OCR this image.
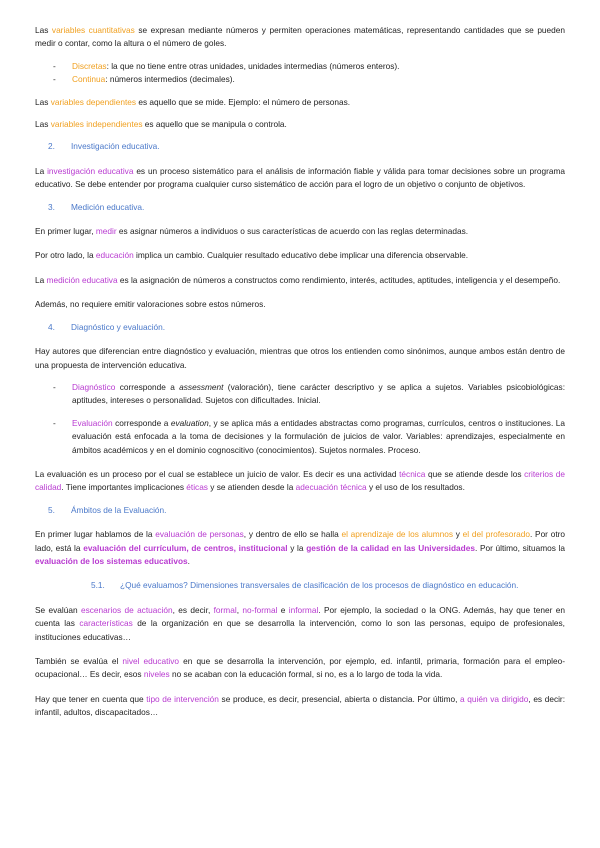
Las variables cuantitativas se expresan mediante números y permiten operaciones matemáticas, representando cantidades que se pueden medir o contar, como la altura o el número de goles.

-	Discretas: la que no tiene entre otras unidades, unidades intermedias (números enteros).
-	Continua: números intermedios (decimales).

Las variables dependientes es aquello que se mide. Ejemplo: el número de personas.

Las variables independientes es aquello que se manipula o controla.

2.	Investigación educativa.

La investigación educativa es un proceso sistemático para el análisis de información fiable y válida para tomar decisiones sobre un programa educativo. Se debe entender por programa cualquier curso sistemático de acción para el logro de un objetivo o conjunto de objetivos.

3.	Medición educativa.

En primer lugar, medir es asignar números a individuos o sus características de acuerdo con las reglas determinadas.

Por otro lado, la educación implica un cambio. Cualquier resultado educativo debe implicar una diferencia observable.

La medición educativa es la asignación de números a constructos como rendimiento, interés, actitudes, aptitudes, inteligencia y el desempeño.

Además, no requiere emitir valoraciones sobre estos números.

4.	Diagnóstico y evaluación.

Hay autores que diferencian entre diagnóstico y evaluación, mientras que otros los entienden como sinónimos, aunque ambos están dentro de una propuesta de intervención educativa.

-	Diagnóstico corresponde a assessment (valoración), tiene carácter descriptivo y se aplica a sujetos. Variables psicobiológicas: aptitudes, intereses o personalidad. Sujetos con dificultades. Inicial.
-	Evaluación corresponde a evaluation, y se aplica más a entidades abstractas como programas, currículos, centros o instituciones. La evaluación está enfocada a la toma de decisiones y la formulación de juicios de valor. Variables: aprendizajes, especialmente en ámbitos académicos y en el dominio cognoscitivo (conocimientos). Sujetos normales. Proceso.

La evaluación es un proceso por el cual se establece un juicio de valor. Es decir es una actividad técnica que se atiende desde los criterios de calidad. Tiene importantes implicaciones éticas y se atienden desde la adecuación técnica y el uso de los resultados.

5.	Ámbitos de la Evaluación.

En primer lugar hablamos de la evaluación de personas, y dentro de ello se halla el aprendizaje de los alumnos y el del profesorado. Por otro lado, está la evaluación del currículum, de centros, institucional y la gestión de la calidad en las Universidades. Por último, situamos la evaluación de los sistemas educativos.

5.1.	¿Qué evaluamos? Dimensiones transversales de clasificación de los procesos de diagnóstico en educación.

Se evalúan escenarios de actuación, es decir, formal, no-formal e informal. Por ejemplo, la sociedad o la ONG. Además, hay que tener en cuenta las características de la organización en que se desarrolla la intervención, como lo son las personas, equipo de profesionales, instituciones educativas…

También se evalúa el nivel educativo en que se desarrolla la intervención, por ejemplo, ed. infantil, primaria, formación para el empleo-ocupacional… Es decir, esos niveles no se acaban con la educación formal, si no, es a lo largo de toda la vida.

Hay que tener en cuenta que tipo de intervención se produce, es decir, presencial, abierta o distancia. Por último, a quién va dirigido, es decir: infantil, adultos, discapacitados…
